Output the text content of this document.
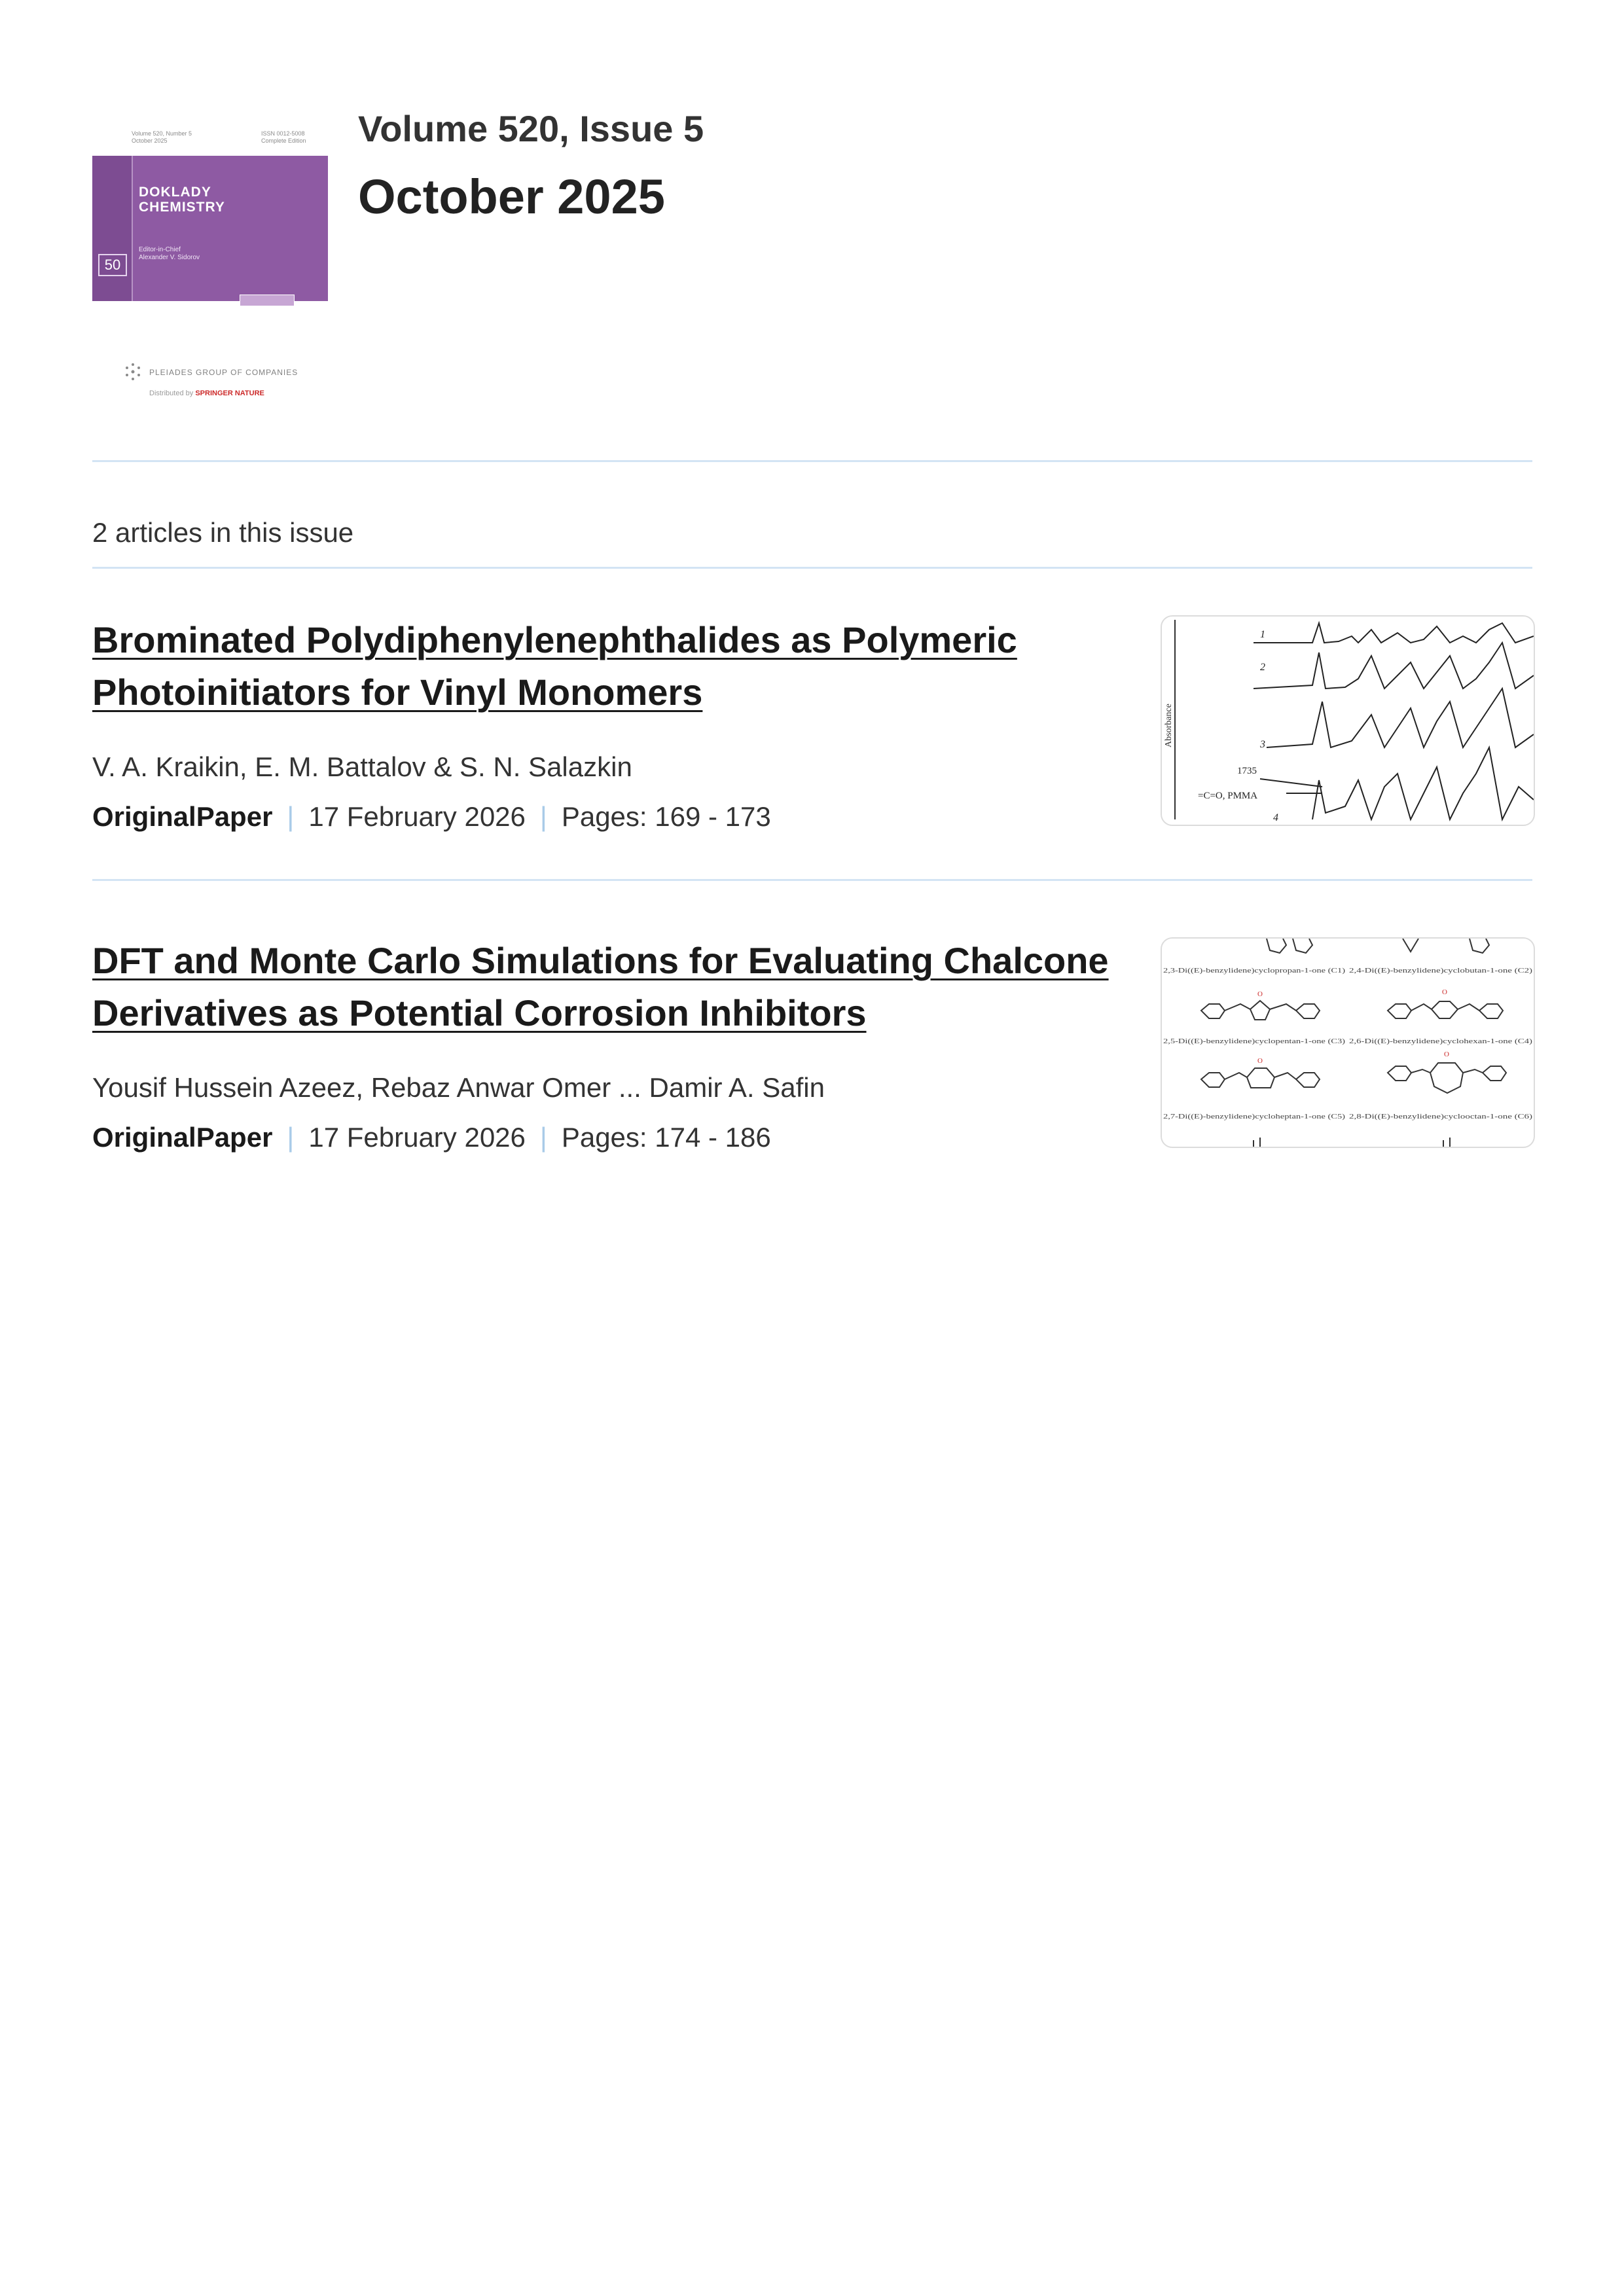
Volume 520, Number 5 October 2025
ISSN 0012-5008 Complete Edition
DOKLADY
CHEMISTRY
Editor-in-Chief
Alexander V. Sidorov
50
PLEIADES GROUP OF COMPANIES
Distributed by SPRINGER NATURE
Volume 520, Issue 5
October 2025
2 articles in this issue
Brominated Polydiphenylenephthalides as Polymeric Photoinitiators for Vinyl Monomers
V. A. Kraikin, E. M. Battalov & S. N. Salazkin
OriginalPaper | 17 February 2026 | Pages: 169 - 173
Absorbance
1
2
3
4
1735
=C=O, PMMA
DFT and Monte Carlo Simulations for Evaluating Chalcone Derivatives as Potential Corrosion Inhibitors
Yousif Hussein Azeez, Rebaz Anwar Omer ... Damir A. Safin
OriginalPaper | 17 February 2026 | Pages: 174 - 186
O	O
O
O
2,3-Di((E)-benzylidene)cyclopropan-1-one (C1) 2,4-Di((E)-benzylidene)cyclobutan-1-one (C2)
2,5-Di((E)-benzylidene)cyclopentan-1-one (C3) 2,6-Di((E)-benzylidene)cyclohexan-1-one (C4)
2,7-Di((E)-benzylidene)cycloheptan-1-one (C5) 2,8-Di((E)-benzylidene)cyclooctan-1-one (C6)
